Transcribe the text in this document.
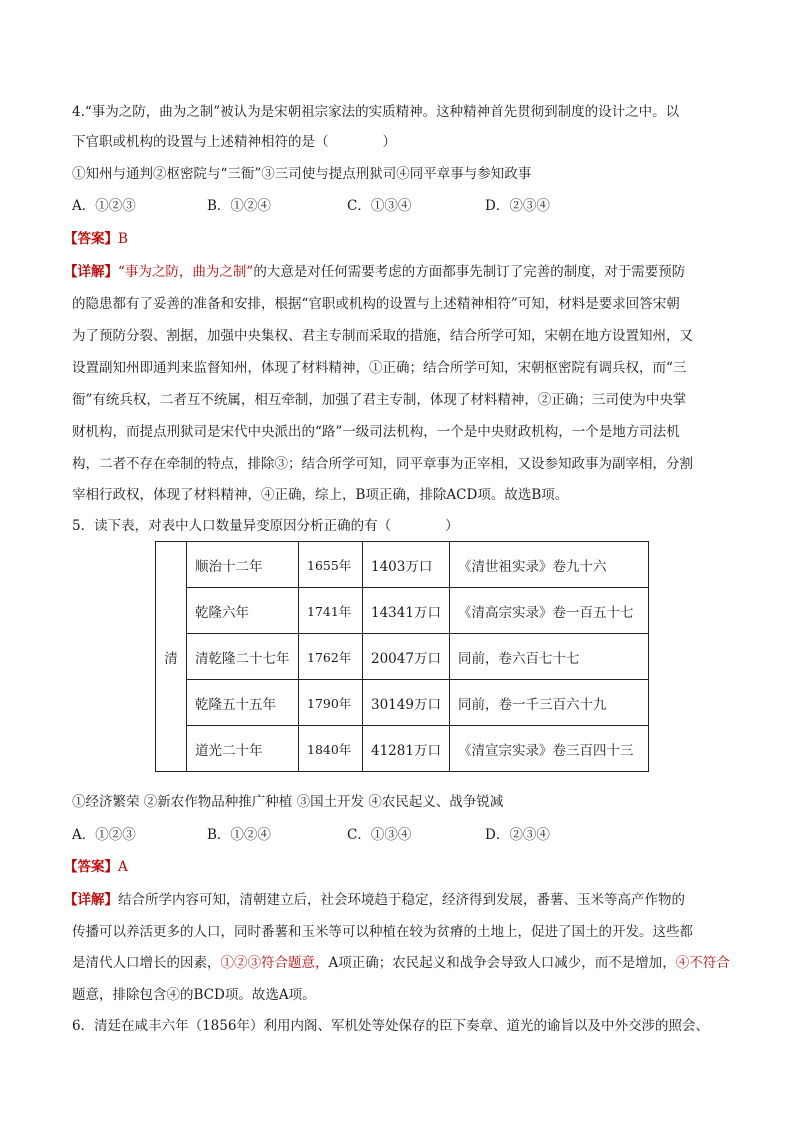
4.“事为之防，曲为之制”被认为是宋朝祖宗家法的实质精神。这种精神首先贯彻到制度的设计之中。以
下官职或机构的设置与上述精神相符的是（　　　　）
①知州与通判②枢密院与“三衙”③三司使与提点刑狱司④同平章事与参知政事
A．①②③	B．①②④	C．①③④	D．②③④
【答案】B
【详解】“事为之防，曲为之制”的大意是对任何需要考虑的方面都事先制订了完善的制度，对于需要预防
的隐患都有了妥善的准备和安排，根据“官职或机构的设置与上述精神相符”可知，材料是要求回答宋朝
为了预防分裂、割据，加强中央集权、君主专制而采取的措施，结合所学可知，宋朝在地方设置知州，又
设置副知州即通判来监督知州，体现了材料精神，①正确；结合所学可知，宋朝枢密院有调兵权，而“三
衙”有统兵权，二者互不统属，相互牵制，加强了君主专制，体现了材料精神，②正确；三司使为中央掌
财机构，而提点刑狱司是宋代中央派出的“路”一级司法机构，一个是中央财政机构，一个是地方司法机
构，二者不存在牵制的特点，排除③；结合所学可知，同平章事为正宰相，又设参知政事为副宰相，分割
宰相行政权，体现了材料精神，④正确，综上，B项正确，排除ACD项。故选B项。
5．读下表，对表中人口数量异变原因分析正确的有（　　　　）
清	顺治十二年	1655年	1403万口	《清世祖实录》卷九十六
	乾隆六年	1741年	14341万口	《清高宗实录》卷一百五十七
	清乾隆二十七年	1762年	20047万口	同前，卷六百七十七
	乾隆五十五年	1790年	30149万口	同前，卷一千三百六十九
	道光二十年	1840年	41281万口	《清宣宗实录》卷三百四十三
①经济繁荣 ②新农作物品种推广种植 ③国土开发 ④农民起义、战争锐减
A．①②③	B．①②④	C．①③④	D．②③④
【答案】A
【详解】结合所学内容可知，清朝建立后，社会环境趋于稳定，经济得到发展，番薯、玉米等高产作物的
传播可以养活更多的人口，同时番薯和玉米等可以种植在较为贫瘠的土地上，促进了国土的开发。这些都
是清代人口增长的因素，①②③符合题意，A项正确；农民起义和战争会导致人口减少，而不是增加，④不符合
题意，排除包含④的BCD项。故选A项。
6．清廷在咸丰六年（1856年）利用内阁、军机处等处保存的臣下奏章、道光的谕旨以及中外交涉的照会、
